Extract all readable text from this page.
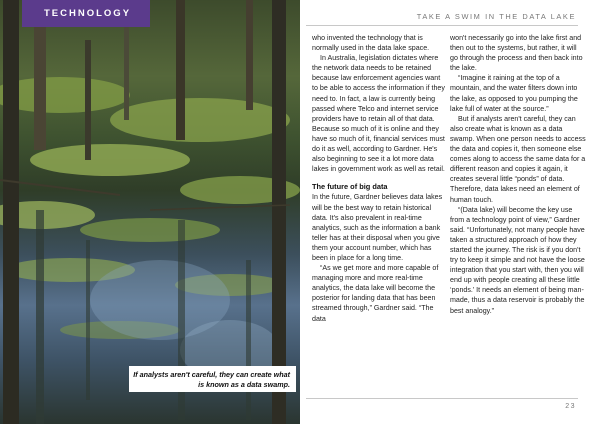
TECHNOLOGY
If analysts aren't careful, they can create what is known as a data swamp.
TAKE A SWIM IN THE DATA LAKE

who invented the technology that is normally used in the data lake space.

In Australia, legislation dictates where the network data needs to be retained because law enforcement agencies want to be able to access the information if they need to. In fact, a law is currently being passed where Telco and internet service providers have to retain all of that data. Because so much of it is online and they have so much of it, financial services must do it as well, according to Gardner. He's also beginning to see it a lot more data lakes in government work as well as retail.

The future of big data

In the future, Gardner believes data lakes will be the best way to retain historical data. It's also prevalent in real-time analytics, such as the information a bank teller has at their disposal when you give them your account number, which has been in place for a long time.

“As we get more and more capable of managing more and more real-time analytics, the data lake will become the posterior for landing data that has been streamed through,” Gardner said. “The data

won't necessarily go into the lake first and then out to the systems, but rather, it will go through the process and then back into the lake.

“Imagine it raining at the top of a mountain, and the water filters down into the lake, as opposed to you pumping the lake full of water at the source.”

But if analysts aren't careful, they can also create what is known as a data swamp. When one person needs to access the data and copies it, then someone else comes along to access the same data for a different reason and copies it again, it creates several little “ponds” of data. Therefore, data lakes need an element of human touch.

“(Data lake) will become the key use from a technology point of view,” Gardner said. “Unfortunately, not many people have taken a structured approach of how they started the journey. The risk is if you don't try to keep it simple and not have the loose integration that you start with, then you will end up with people creating all these little ‘ponds.’ It needs an element of being man-made, thus a data reservoir is probably the best analogy.”

23
